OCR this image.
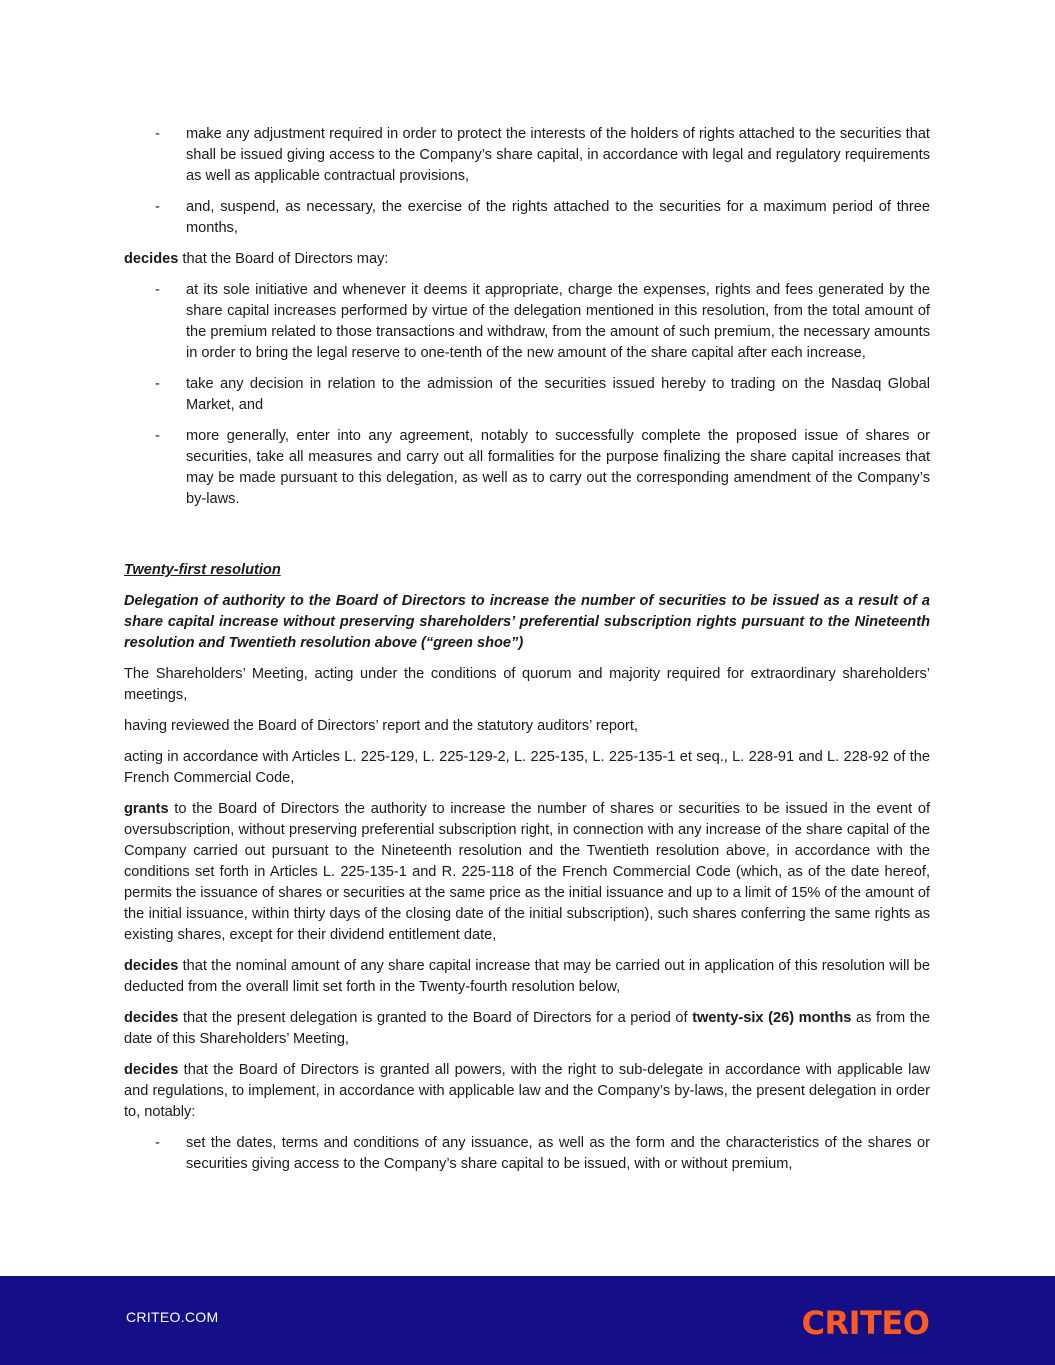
- make any adjustment required in order to protect the interests of the holders of rights attached to the securities that shall be issued giving access to the Company’s share capital, in accordance with legal and regulatory requirements as well as applicable contractual provisions,
- and, suspend, as necessary, the exercise of the rights attached to the securities for a maximum period of three months,

decides that the Board of Directors may:

- at its sole initiative and whenever it deems it appropriate, charge the expenses, rights and fees generated by the share capital increases performed by virtue of the delegation mentioned in this resolution, from the total amount of the premium related to those transactions and withdraw, from the amount of such premium, the necessary amounts in order to bring the legal reserve to one-tenth of the new amount of the share capital after each increase,
- take any decision in relation to the admission of the securities issued hereby to trading on the Nasdaq Global Market, and
- more generally, enter into any agreement, notably to successfully complete the proposed issue of shares or securities, take all measures and carry out all formalities for the purpose finalizing the share capital increases that may be made pursuant to this delegation, as well as to carry out the corresponding amendment of the Company’s by-laws.

Twenty-first resolution

Delegation of authority to the Board of Directors to increase the number of securities to be issued as a result of a share capital increase without preserving shareholders’ preferential subscription rights pursuant to the Nineteenth resolution and Twentieth resolution above (“green shoe”)

The Shareholders’ Meeting, acting under the conditions of quorum and majority required for extraordinary shareholders’ meetings,

having reviewed the Board of Directors’ report and the statutory auditors’ report,

acting in accordance with Articles L. 225-129, L. 225-129-2, L. 225-135, L. 225-135-1 et seq., L. 228-91 and L. 228-92 of the French Commercial Code,

grants to the Board of Directors the authority to increase the number of shares or securities to be issued in the event of oversubscription, without preserving preferential subscription right, in connection with any increase of the share capital of the Company carried out pursuant to the Nineteenth resolution and the Twentieth resolution above, in accordance with the conditions set forth in Articles L. 225-135-1 and R. 225-118 of the French Commercial Code (which, as of the date hereof, permits the issuance of shares or securities at the same price as the initial issuance and up to a limit of 15% of the amount of the initial issuance, within thirty days of the closing date of the initial subscription), such shares conferring the same rights as existing shares, except for their dividend entitlement date,

decides that the nominal amount of any share capital increase that may be carried out in application of this resolution will be deducted from the overall limit set forth in the Twenty-fourth resolution below,

decides that the present delegation is granted to the Board of Directors for a period of twenty-six (26) months as from the date of this Shareholders’ Meeting,

decides that the Board of Directors is granted all powers, with the right to sub-delegate in accordance with applicable law and regulations, to implement, in accordance with applicable law and the Company’s by-laws, the present delegation in order to, notably:

- set the dates, terms and conditions of any issuance, as well as the form and the characteristics of the shares or securities giving access to the Company’s share capital to be issued, with or without premium,
CRITEO.COM	CRITEO
